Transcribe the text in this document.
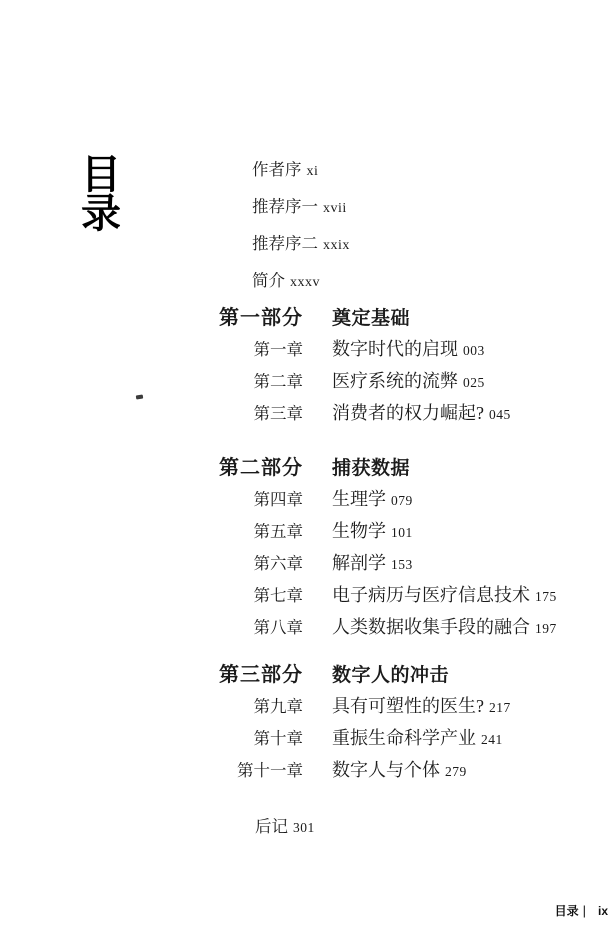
目录
作者序 xi
推荐序一 xvii
推荐序二 xxix
简介 xxxv
第一部分 奠定基础
第一章 数字时代的启现 003
第二章 医疗系统的流弊 025
第三章 消费者的权力崛起? 045
第二部分 捕获数据
第四章 生理学 079
第五章 生物学 101
第六章 解剖学 153
第七章 电子病历与医疗信息技术 175
第八章 人类数据收集手段的融合 197
第三部分 数字人的冲击
第九章 具有可塑性的医生? 217
第十章 重振生命科学产业 241
第十一章 数字人与个体 279
后记 301
目录 | ix
